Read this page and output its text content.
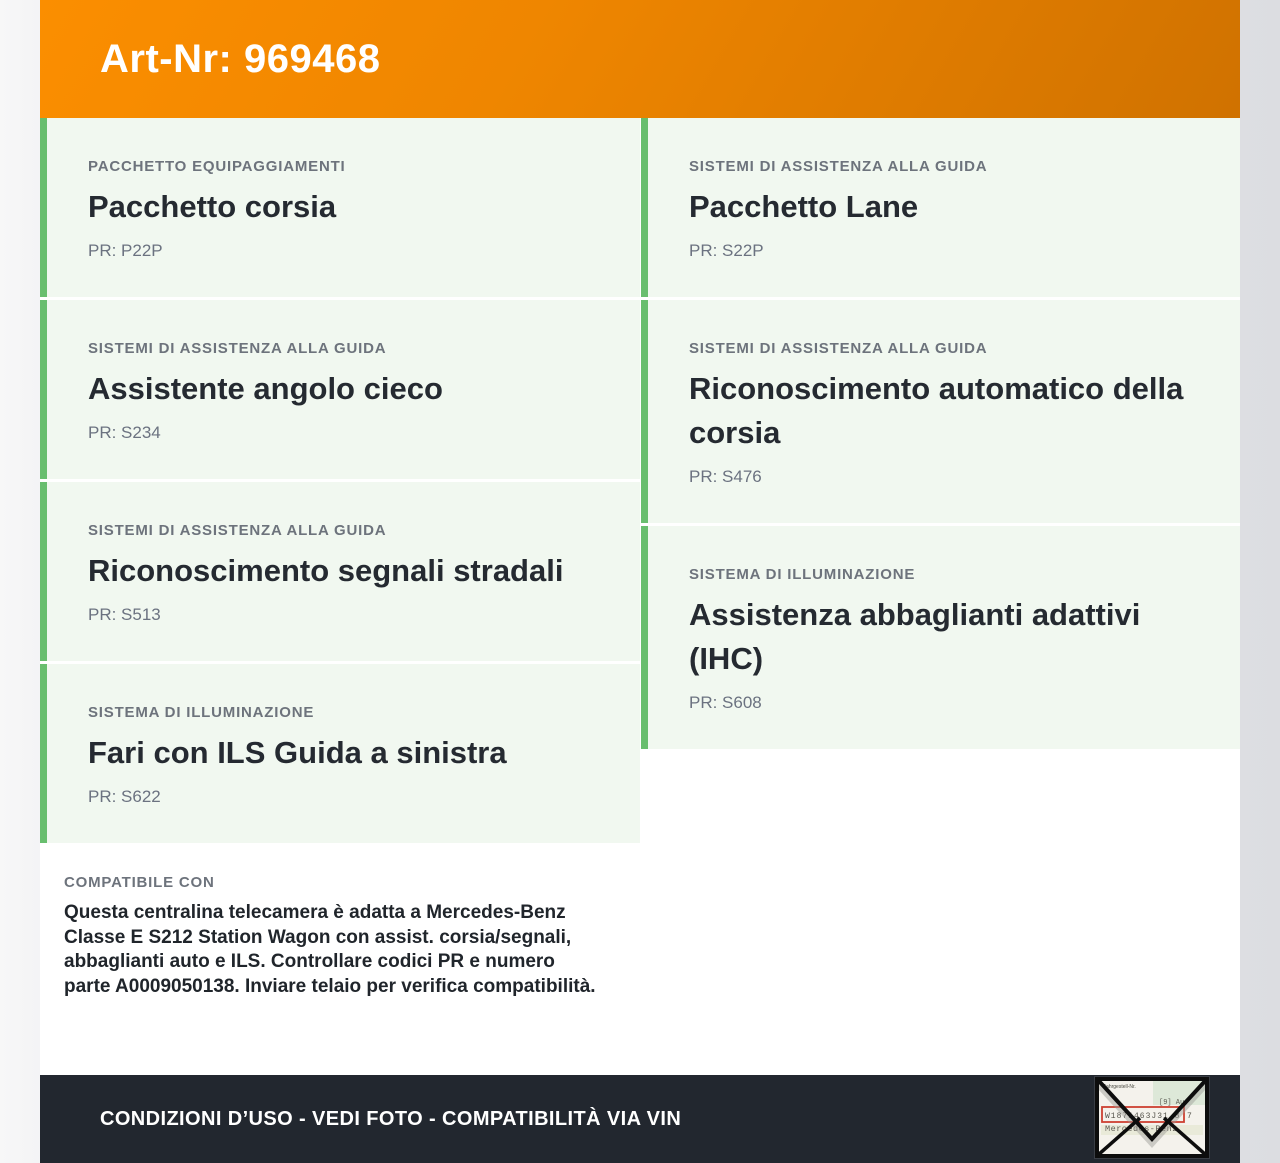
Art-Nr: 969468
PACCHETTO EQUIPAGGIAMENTI
Pacchetto corsia
PR: P22P
SISTEMI DI ASSISTENZA ALLA GUIDA
Assistente angolo cieco
PR: S234
SISTEMI DI ASSISTENZA ALLA GUIDA
Riconoscimento segnali stradali
PR: S513
SISTEMA DI ILLUMINAZIONE
Fari con ILS Guida a sinistra
PR: S622
COMPATIBILE CON
Questa centralina telecamera è adatta a Mercedes-Benz Classe E S212 Station Wagon con assist. corsia/segnali, abbaglianti auto e ILS. Controllare codici PR e numero parte A0009050138. Inviare telaio per verifica compatibilità.
SISTEMI DI ASSISTENZA ALLA GUIDA
Pacchetto Lane
PR: S22P
SISTEMI DI ASSISTENZA ALLA GUIDA
Riconoscimento automatico della corsia
PR: S476
SISTEMA DI ILLUMINAZIONE
Assistenza abbaglianti adattivi (IHC)
PR: S608
CONDIZIONI D’USO - VEDI FOTO - COMPATIBILITÀ VIA VIN
Fahrgestell-Nr.
[9] Auf
W1871463J31 8 7
Mercedes-Benz
